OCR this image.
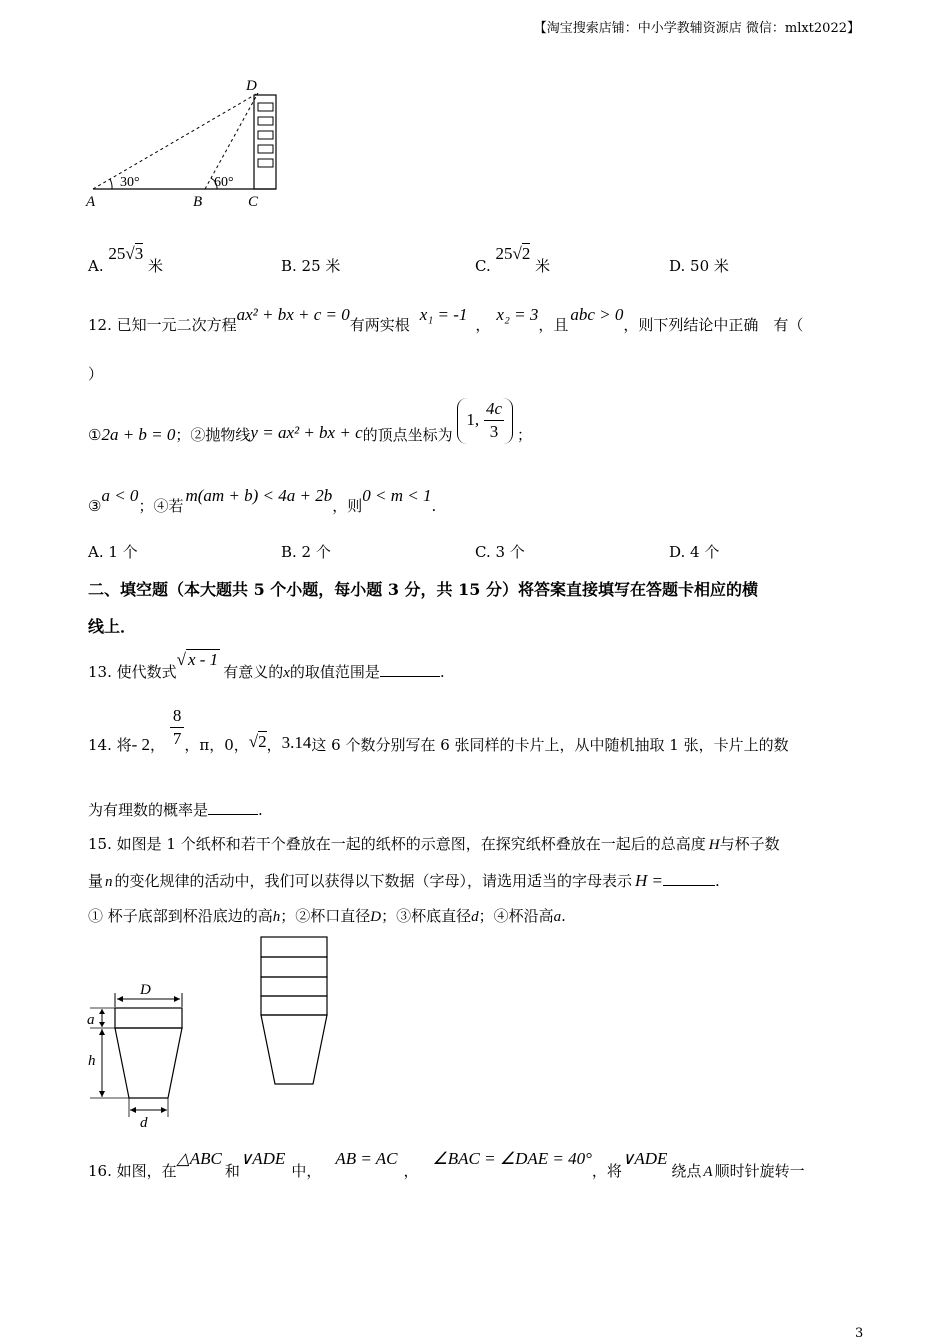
【淘宝搜索店铺：中小学教辅资源店 微信：mlxt2022】
D
A	B	C
30°	60°
A. 25√3 米	B. 25 米	C. 25√2 米	D. 50 米
12. 已知一元二次方程ax² + bx + c = 0有两实根x₁ = -1，x₂ = 3，且abc > 0，则下列结论中正确　有（
）
①2a + b = 0；②抛物线y = ax² + bx + c的顶点坐标为 1, $\frac{4c}{3}$ ；
③a < 0；④若m(am + b) < 4a + 2b，则0 < m < 1.
A. 1 个	B. 2 个	C. 3 个	D. 4 个
二、填空题（本大题共 5 个小题，每小题 3 分，共 15 分）将答案直接填写在答题卡相应的横
线上．
13. 使代数式√ x - 1有意义的x的取值范围是	.
14. 将- 2， $\frac{8}{7}$ ，π，0，√2，3.14这 6 个数分别写在 6 张同样的卡片上，从中随机抽取 1 张，卡片上的数
为有理数的概率是	.
15. 如图是 1 个纸杯和若干个叠放在一起的纸杯的示意图，在探究纸杯叠放在一起后的总高度 H与杯子数
量 n 的变化规律的活动中，我们可以获得以下数据（字母），请选用适当的字母表示 H =	.
① 杯子底部到杯沿底边的高h；②杯口直径D；③杯底直径d；④杯沿高a.
D
a
h
d
16. 如图，在△ABC和∨ADE中，AB = AC，∠BAC = ∠DAE = 40°，将∨ADE绕点 A 顺时针旋转一
3
